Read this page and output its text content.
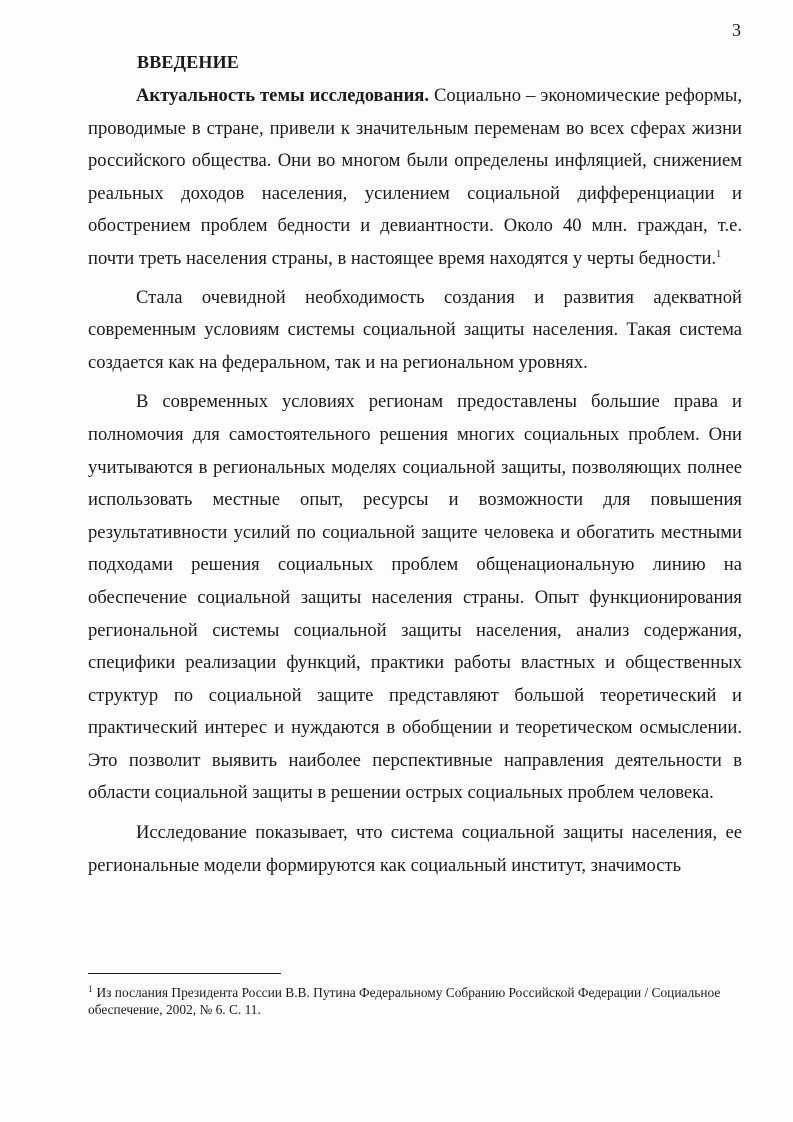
3
ВВЕДЕНИЕ

Актуальность темы исследования. Социально – экономические реформы, проводимые в стране, привели к значительным переменам во всех сферах жизни российского общества. Они во многом были определены инфляцией, снижением реальных доходов населения, усилением социальной дифференциации и обострением проблем бедности и девиантности. Около 40 млн. граждан, т.е. почти треть населения страны, в настоящее время находятся у черты бедности.$^1$

Стала очевидной необходимость создания и развития адекватной современным условиям системы социальной защиты населения. Такая система создается как на федеральном, так и на региональном уровнях.

В современных условиях регионам предоставлены большие права и полномочия для самостоятельного решения многих социальных проблем. Они учитываются в региональных моделях социальной защиты, позволяющих полнее использовать местные опыт, ресурсы и возможности для повышения результативности усилий по социальной защите человека и обогатить местными подходами решения социальных проблем общенациональную линию на обеспечение социальной защиты населения страны. Опыт функционирования региональной системы социальной защиты населения, анализ содержания, специфики реализации функций, практики работы властных и общественных структур по социальной защите представляют большой теоретический и практический интерес и нуждаются в обобщении и теоретическом осмыслении. Это позволит выявить наиболее перспективные направления деятельности в области социальной защиты в решении острых социальных проблем человека.

Исследование показывает, что система социальной защиты населения, ее региональные модели формируются как социальный институт, значимость

$^1$ Из послания Президента России В.В. Путина Федеральному Собранию Российской Федерации / Социальное обеспечение, 2002, № 6. С. 11.
